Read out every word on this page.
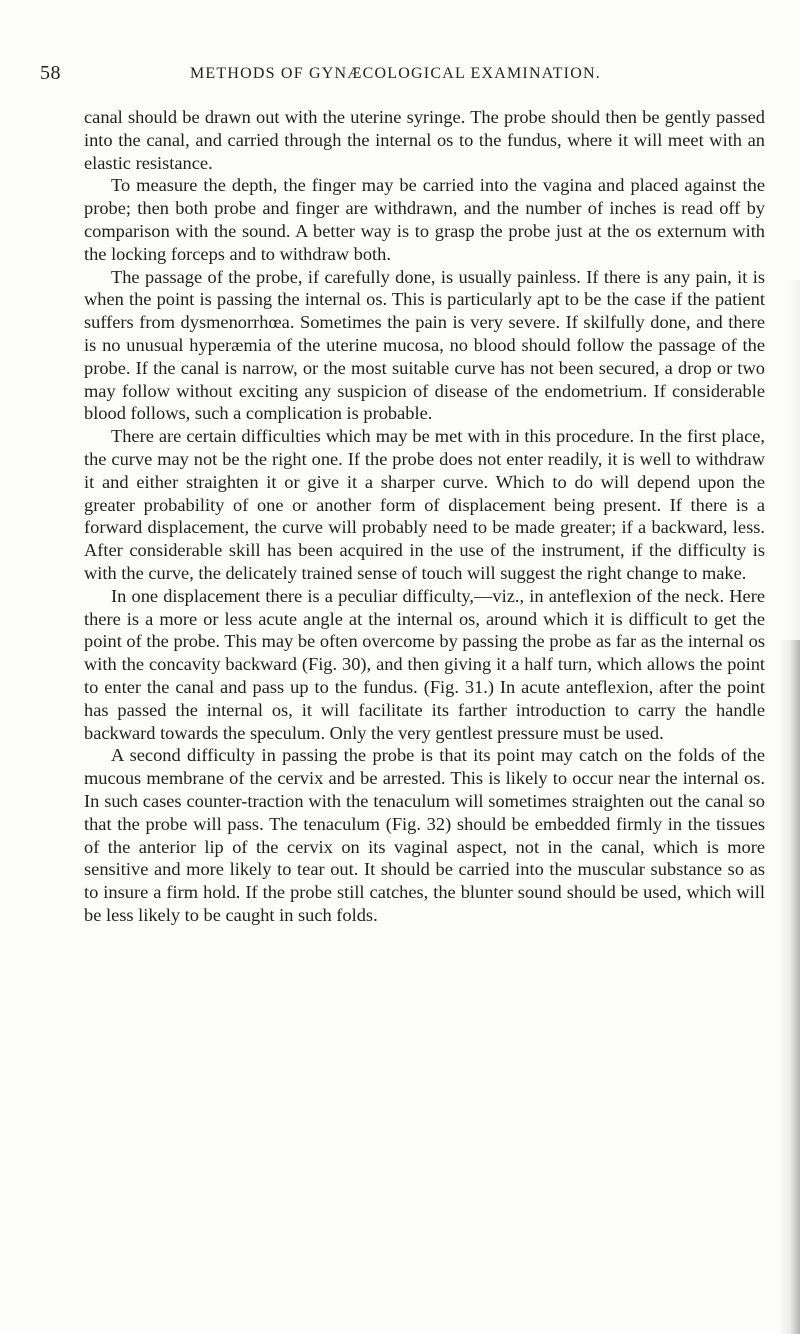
58	METHODS OF GYNÆCOLOGICAL EXAMINATION.

canal should be drawn out with the uterine syringe. The probe should then be gently passed into the canal, and carried through the internal os to the fundus, where it will meet with an elastic resistance.

To measure the depth, the finger may be carried into the vagina and placed against the probe; then both probe and finger are withdrawn, and the number of inches is read off by comparison with the sound. A better way is to grasp the probe just at the os externum with the locking forceps and to withdraw both.

The passage of the probe, if carefully done, is usually painless. If there is any pain, it is when the point is passing the internal os. This is particularly apt to be the case if the patient suffers from dysmenorrhœa. Sometimes the pain is very severe. If skilfully done, and there is no unusual hyperæmia of the uterine mucosa, no blood should follow the passage of the probe. If the canal is narrow, or the most suitable curve has not been secured, a drop or two may follow without exciting any suspicion of disease of the endometrium. If considerable blood follows, such a complication is probable.

There are certain difficulties which may be met with in this procedure. In the first place, the curve may not be the right one. If the probe does not enter readily, it is well to withdraw it and either straighten it or give it a sharper curve. Which to do will depend upon the greater probability of one or another form of displacement being present. If there is a forward displacement, the curve will probably need to be made greater; if a backward, less. After considerable skill has been acquired in the use of the instrument, if the difficulty is with the curve, the delicately trained sense of touch will suggest the right change to make.

In one displacement there is a peculiar difficulty,—viz., in anteflexion of the neck. Here there is a more or less acute angle at the internal os, around which it is difficult to get the point of the probe. This may be often overcome by passing the probe as far as the internal os with the concavity backward (Fig. 30), and then giving it a half turn, which allows the point to enter the canal and pass up to the fundus. (Fig. 31.) In acute anteflexion, after the point has passed the internal os, it will facilitate its farther introduction to carry the handle backward towards the speculum. Only the very gentlest pressure must be used.

A second difficulty in passing the probe is that its point may catch on the folds of the mucous membrane of the cervix and be arrested. This is likely to occur near the internal os. In such cases counter-traction with the tenaculum will sometimes straighten out the canal so that the probe will pass. The tenaculum (Fig. 32) should be embedded firmly in the tissues of the anterior lip of the cervix on its vaginal aspect, not in the canal, which is more sensitive and more likely to tear out. It should be carried into the muscular substance so as to insure a firm hold. If the probe still catches, the blunter sound should be used, which will be less likely to be caught in such folds.
